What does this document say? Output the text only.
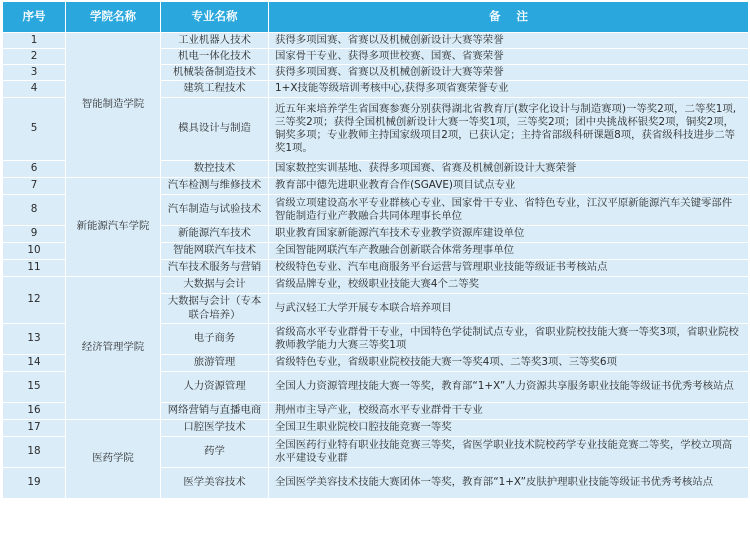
序号	学院名称	专业名称	备    注
1	智能制造学院	工业机器人技术	获得多项国赛、省赛以及机械创新设计大赛等荣誉
2		机电一体化技术	国家骨干专业、获得多项世校赛、国赛、省赛荣誉
3		机械装备制造技术	获得多项国赛、省赛以及机械创新设计大赛等荣誉
4		建筑工程技术	1+X技能等级培训考核中心,获得多项省赛荣誉专业
5		模具设计与制造	近五年来培养学生省国赛参赛分别获得湖北省教育厅(数字化设计与制造赛项)一等奖2项，二等奖1项,三等奖2项；获得全国机械创新设计大赛一等奖1项，三等奖2项；团中央挑战杯银奖2项，铜奖2项，铜奖多项；专业教师主持国家级项目2项，已获认定；主持省部级科研课题8项，获省级科技进步二等奖1项。
6		数控技术	国家数控实训基地、获得多项国赛、省赛及机械创新设计大赛荣誉
7	新能源汽车学院	汽车检测与维修技术	教育部中德先进职业教育合作(SGAVE)项目试点专业
8		汽车制造与试验技术	省级立项建设高水平专业群核心专业、国家骨干专业、省特色专业，江汉平原新能源汽车关键零部件智能制造行业产教融合共同体理事长单位
9		新能源汽车技术	职业教育国家新能源汽车技术专业教学资源库建设单位
10		智能网联汽车技术	全国智能网联汽车产教融合创新联合体常务理事单位
11		汽车技术服务与营销	校级特色专业、汽车电商服务平台运营与管理职业技能等级证书考核站点
12	经济管理学院	大数据与会计	省级品牌专业，校级职业技能大赛4个二等奖
		大数据与会计（专本联合培养）	与武汉轻工大学开展专本联合培养项目
13		电子商务	省级高水平专业群骨干专业，中国特色学徒制试点专业，省职业院校技能大赛一等奖3项，省职业院校教师教学能力大赛三等奖1项
14		旅游管理	省级特色专业，省级职业院校技能大赛一等奖4项、二等奖3项、三等奖6项
15		人力资源管理	全国人力资源管理技能大赛一等奖，教育部“1+X”人力资源共享服务职业技能等级证书优秀考核站点
16		网络营销与直播电商	荆州市主导产业，校级高水平专业群骨干专业
17	医药学院	口腔医学技术	全国卫生职业院校口腔技能竞赛一等奖
18		药学	全国医药行业特有职业技能竞赛三等奖，省医学职业技术院校药学专业技能竞赛二等奖，学校立项高水平建设专业群
19		医学美容技术	全国医学美容技术技能大赛团体一等奖，教育部“1+X”皮肤护理职业技能等级证书优秀考核站点
